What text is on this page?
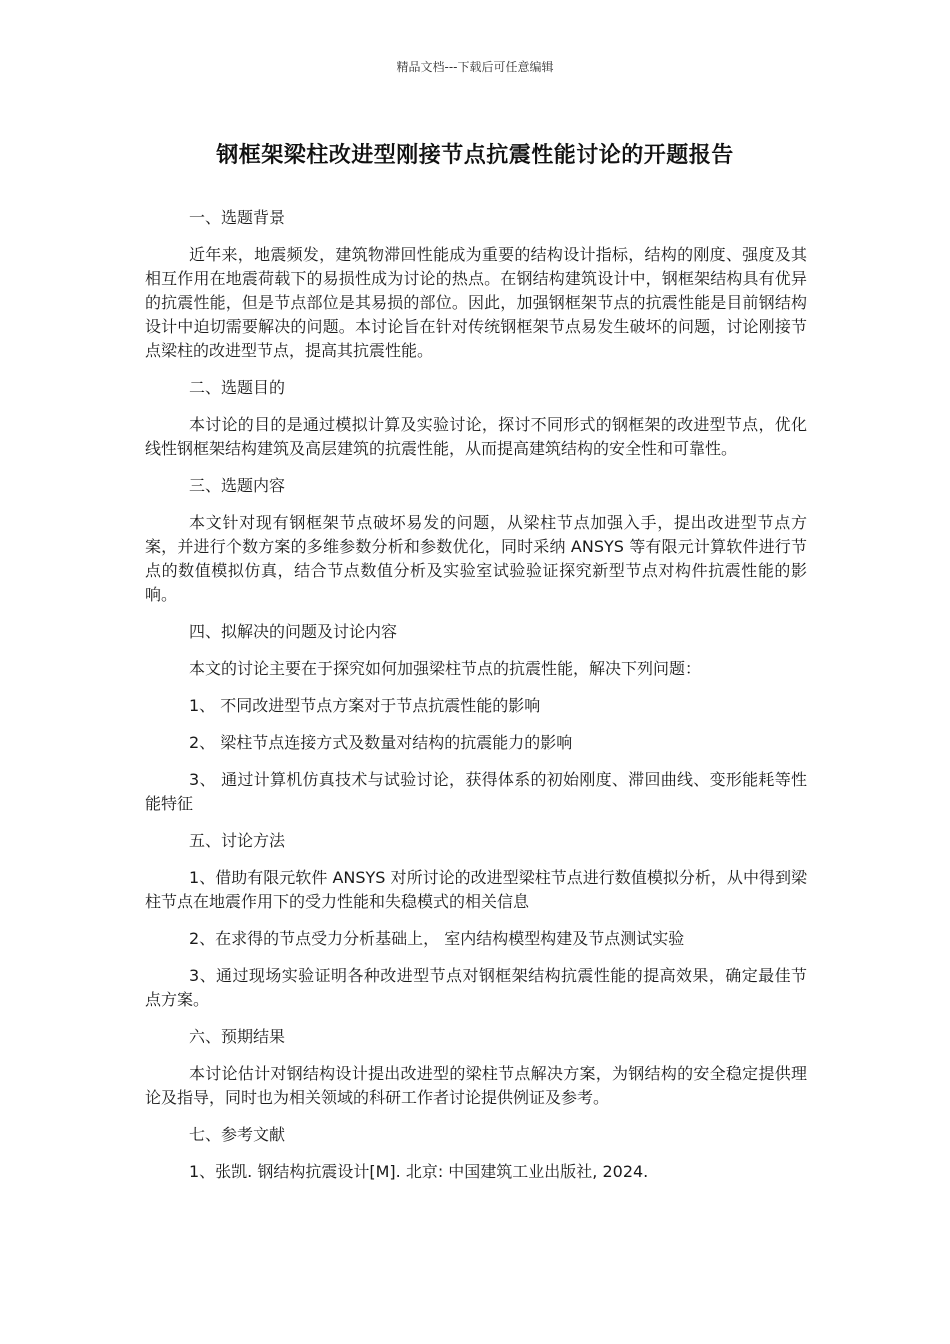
精品文档---下载后可任意编辑
钢框架梁柱改进型刚接节点抗震性能讨论的开题报告

一、选题背景

近年来，地震频发，建筑物滞回性能成为重要的结构设计指标，结构的刚度、强度及其相互作用在地震荷载下的易损性成为讨论的热点。在钢结构建筑设计中，钢框架结构具有优异的抗震性能，但是节点部位是其易损的部位。因此，加强钢框架节点的抗震性能是目前钢结构设计中迫切需要解决的问题。本讨论旨在针对传统钢框架节点易发生破坏的问题，讨论刚接节点梁柱的改进型节点，提高其抗震性能。

二、选题目的

本讨论的目的是通过模拟计算及实验讨论，探讨不同形式的钢框架的改进型节点，优化线性钢框架结构建筑及高层建筑的抗震性能，从而提高建筑结构的安全性和可靠性。

三、选题内容

本文针对现有钢框架节点破坏易发的问题，从梁柱节点加强入手，提出改进型节点方案，并进行个数方案的多维参数分析和参数优化，同时采纳 ANSYS 等有限元计算软件进行节点的数值模拟仿真，结合节点数值分析及实验室试验验证探究新型节点对构件抗震性能的影响。

四、拟解决的问题及讨论内容

本文的讨论主要在于探究如何加强梁柱节点的抗震性能，解决下列问题：

1、 不同改进型节点方案对于节点抗震性能的影响

2、 梁柱节点连接方式及数量对结构的抗震能力的影响

3、 通过计算机仿真技术与试验讨论，获得体系的初始刚度、滞回曲线、变形能耗等性能特征

五、讨论方法

1、借助有限元软件 ANSYS 对所讨论的改进型梁柱节点进行数值模拟分析，从中得到梁柱节点在地震作用下的受力性能和失稳模式的相关信息

2、在求得的节点受力分析基础上， 室内结构模型构建及节点测试实验

3、通过现场实验证明各种改进型节点对钢框架结构抗震性能的提高效果，确定最佳节点方案。

六、预期结果

本讨论估计对钢结构设计提出改进型的梁柱节点解决方案，为钢结构的安全稳定提供理论及指导，同时也为相关领域的科研工作者讨论提供例证及参考。

七、参考文献

1、张凯. 钢结构抗震设计[M]. 北京: 中国建筑工业出版社, 2024.
